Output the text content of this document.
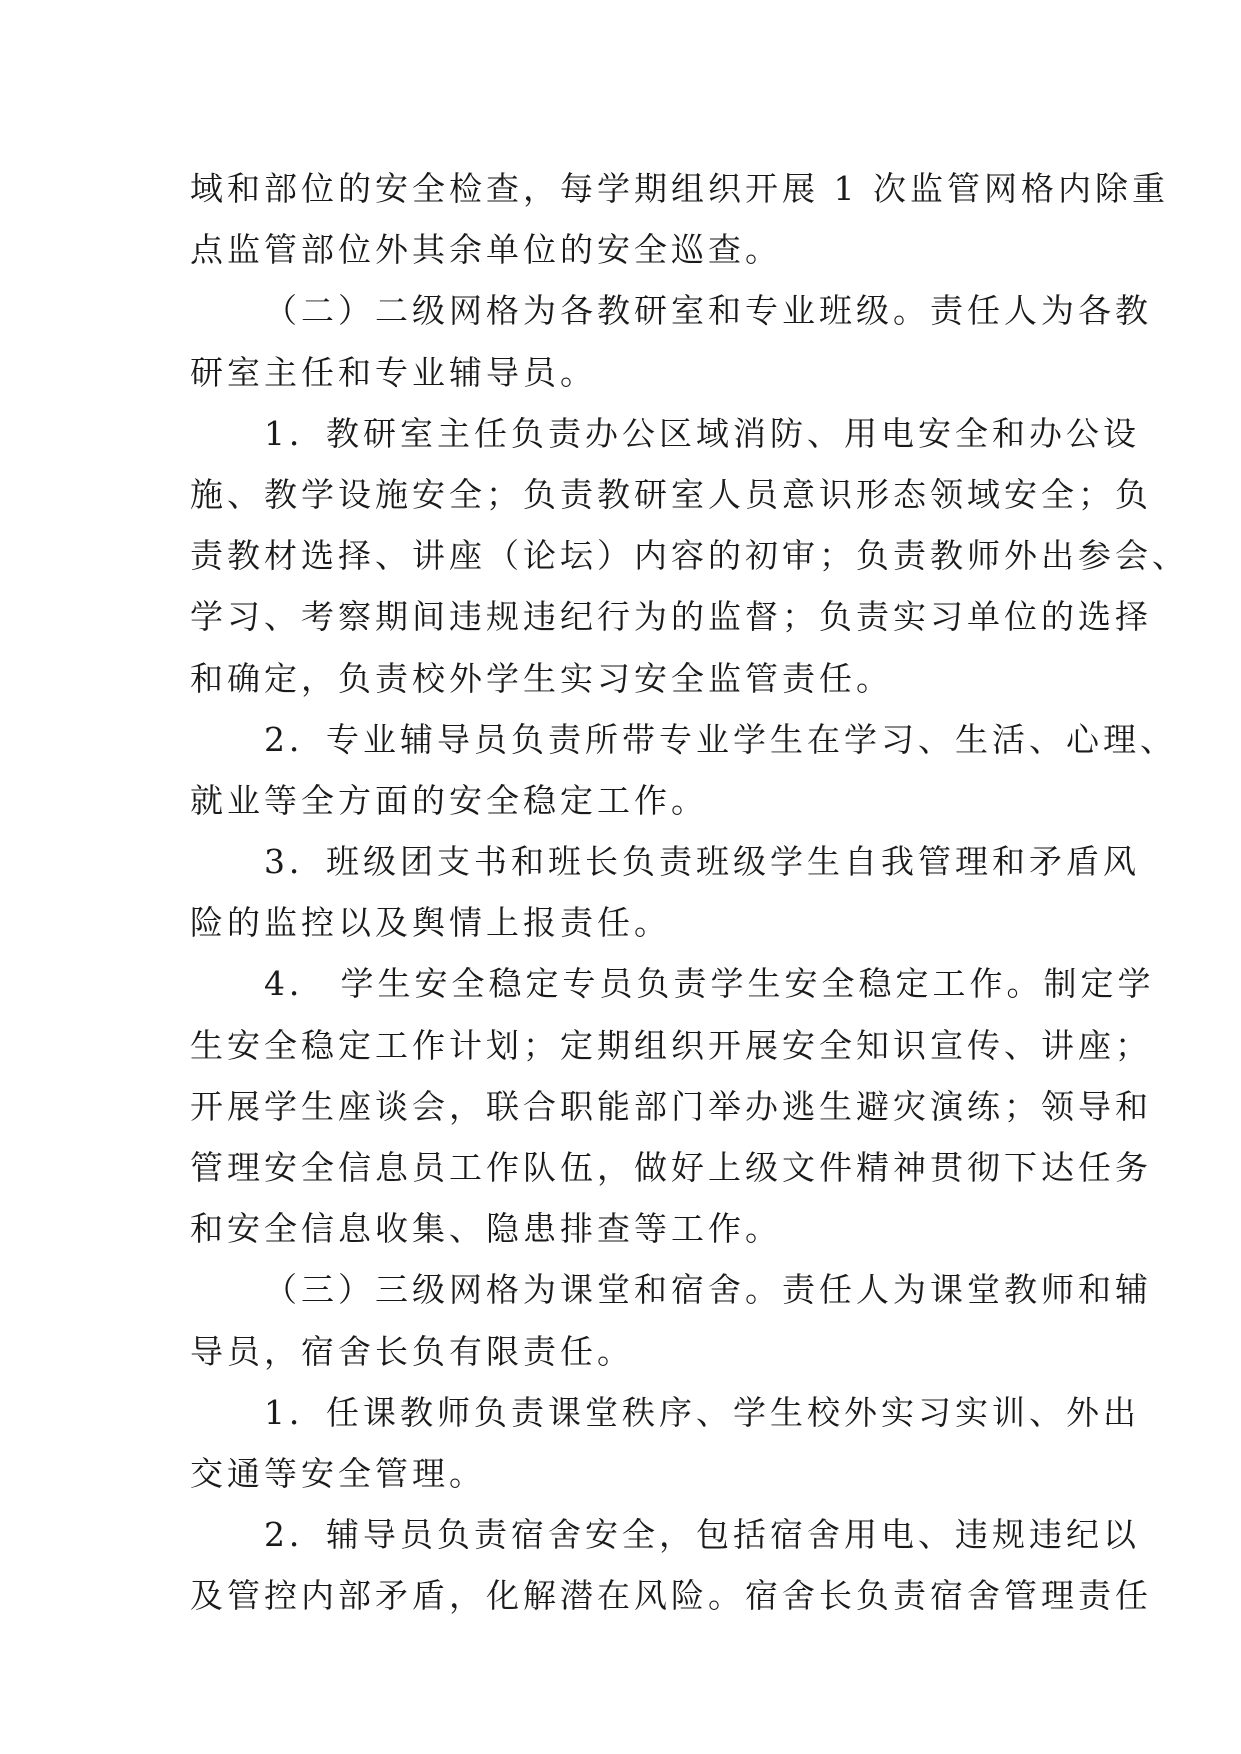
域和部位的安全检查，每学期组织开展 1 次监管网格内除重
点监管部位外其余单位的安全巡查。
（二）二级网格为各教研室和专业班级。责任人为各教
研室主任和专业辅导员。
1．教研室主任负责办公区域消防、用电安全和办公设
施、教学设施安全；负责教研室人员意识形态领域安全；负
责教材选择、讲座（论坛）内容的初审；负责教师外出参会、
学习、考察期间违规违纪行为的监督；负责实习单位的选择
和确定，负责校外学生实习安全监管责任。
2．专业辅导员负责所带专业学生在学习、生活、心理、
就业等全方面的安全稳定工作。
3．班级团支书和班长负责班级学生自我管理和矛盾风
险的监控以及舆情上报责任。
4． 学生安全稳定专员负责学生安全稳定工作。制定学
生安全稳定工作计划；定期组织开展安全知识宣传、讲座；
开展学生座谈会，联合职能部门举办逃生避灾演练；领导和
管理安全信息员工作队伍，做好上级文件精神贯彻下达任务
和安全信息收集、隐患排查等工作。
（三）三级网格为课堂和宿舍。责任人为课堂教师和辅
导员，宿舍长负有限责任。
1．任课教师负责课堂秩序、学生校外实习实训、外出
交通等安全管理。
2．辅导员负责宿舍安全，包括宿舍用电、违规违纪以
及管控内部矛盾，化解潜在风险。宿舍长负责宿舍管理责任
